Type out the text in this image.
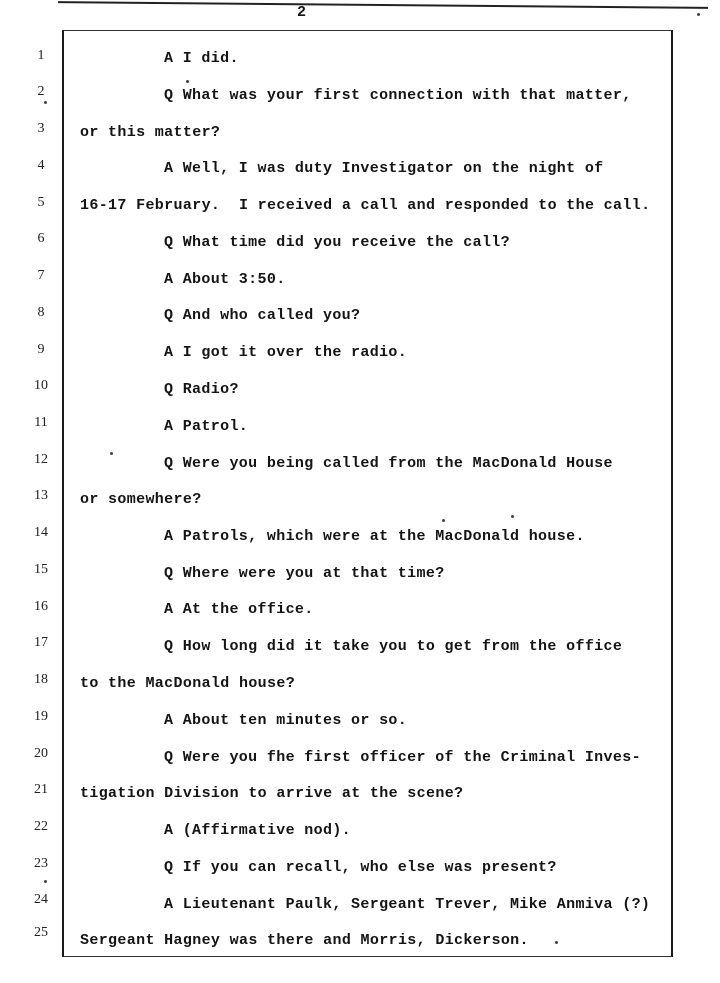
2
1
2
3
4
5
6
7
8
9
10
11
12
13
14
15
16
17
18
19
20
21
22
23
24
25
A I did.
Q What was your first connection with that matter,
or this matter?
A Well, I was duty Investigator on the night of
16-17 February.  I received a call and responded to the call.
Q What time did you receive the call?
A About 3:50.
Q And who called you?
A I got it over the radio.
Q Radio?
A Patrol.
Q Were you being called from the MacDonald House
or somewhere?
A Patrols, which were at the MacDonald house.
Q Where were you at that time?
A At the office.
Q How long did it take you to get from the office
to the MacDonald house?
A About ten minutes or so.
Q Were you fhe first officer of the Criminal Inves-
tigation Division to arrive at the scene?
A (Affirmative nod).
Q If you can recall, who else was present?
A Lieutenant Paulk, Sergeant Trever, Mike Anmiva (?)
Sergeant Hagney was there and Morris, Dickerson.
